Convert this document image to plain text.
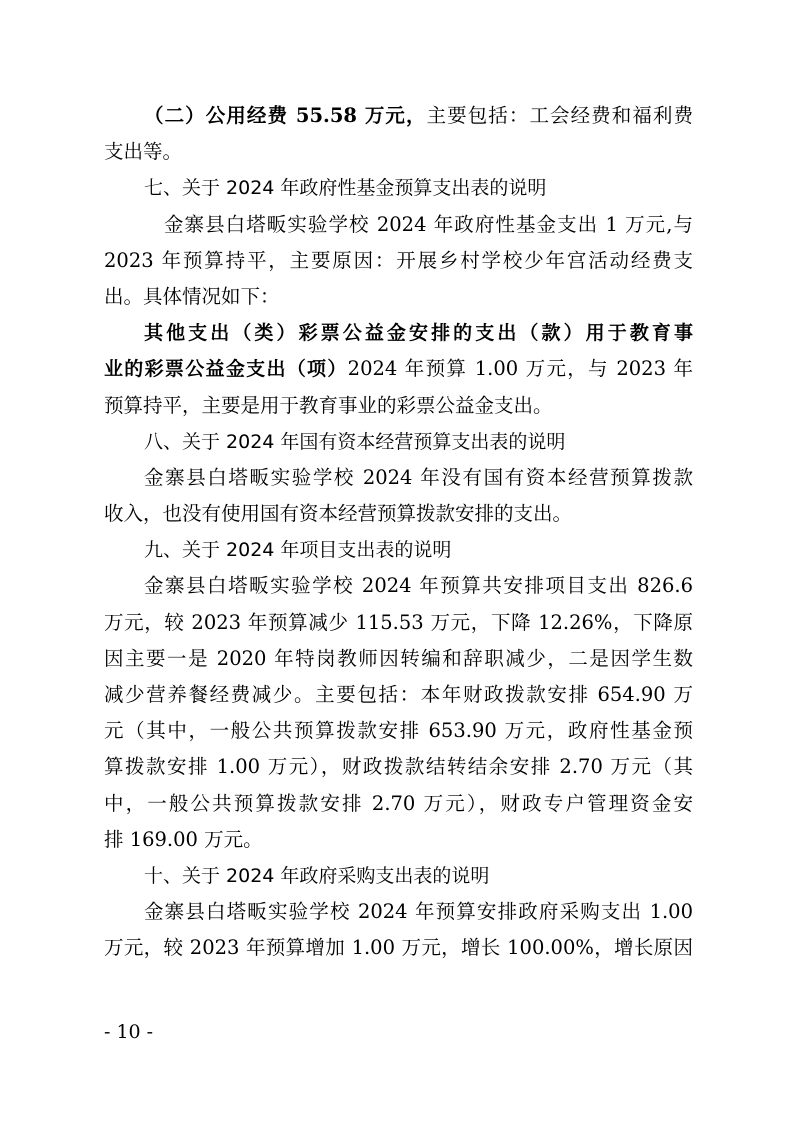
（二）公用经费 55.58 万元，主要包括：工会经费和福利费
支出等。
七、关于 2024 年政府性基金预算支出表的说明
金寨县白塔畈实验学校 2024 年政府性基金支出 1 万元,与
2023 年预算持平，主要原因：开展乡村学校少年宫活动经费支
出。具体情况如下：
其他支出（类）彩票公益金安排的支出（款）用于教育事
业的彩票公益金支出（项）2024 年预算 1.00 万元，与 2023 年
预算持平，主要是用于教育事业的彩票公益金支出。
八、关于 2024 年国有资本经营预算支出表的说明
金寨县白塔畈实验学校 2024 年没有国有资本经营预算拨款
收入，也没有使用国有资本经营预算拨款安排的支出。
九、关于 2024 年项目支出表的说明
金寨县白塔畈实验学校 2024 年预算共安排项目支出 826.6
万元，较 2023 年预算减少 115.53 万元，下降 12.26%，下降原
因主要一是 2020 年特岗教师因转编和辞职减少，二是因学生数
减少营养餐经费减少。主要包括：本年财政拨款安排 654.90 万
元（其中，一般公共预算拨款安排 653.90 万元，政府性基金预
算拨款安排 1.00 万元），财政拨款结转结余安排 2.70 万元（其
中，一般公共预算拨款安排 2.70 万元），财政专户管理资金安
排 169.00 万元。
十、关于 2024 年政府采购支出表的说明
金寨县白塔畈实验学校 2024 年预算安排政府采购支出 1.00
万元，较 2023 年预算增加 1.00 万元，增长 100.00%，增长原因
- 10 -
